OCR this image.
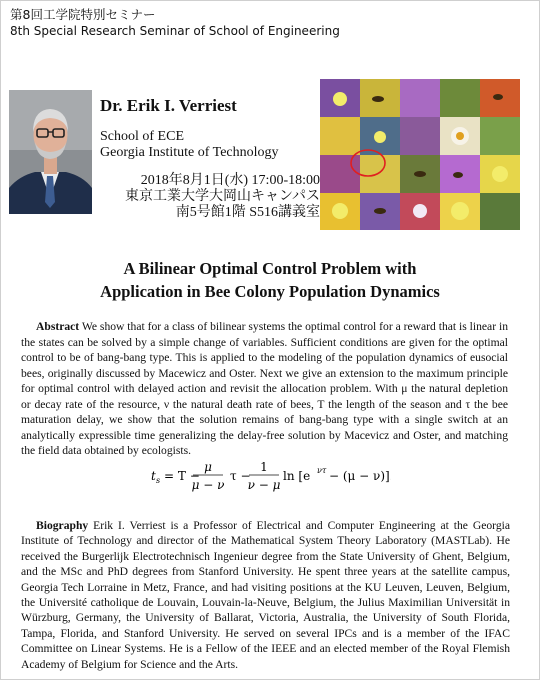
第8回工学院特別セミナー
8th Special Research Seminar of School of Engineering
Dr. Erik I. Verriest
School of ECE
Georgia Institute of Technology
2018年8月1日(水) 17:00-18:00
東京工業大学大岡山キャンパス
南5号館1階 S516講義室
A Bilinear Optimal Control Problem with
Application in Bee Colony Population Dynamics
Abstract We show that for a class of bilinear systems the optimal control for a reward that is linear in the states can be solved by a simple change of variables. Sufficient conditions are given for the optimal control to be of bang-bang type. This is applied to the modeling of the population dynamics of eusocial bees, originally discussed by Macewicz and Oster. Next we give an extension to the maximum principle for optimal control with delayed action and revisit the allocation problem. With μ the natural depletion or decay rate of the resource, ν the natural death rate of bees, T the length of the season and τ the bee maturation delay, we show that the solution remains of bang-bang type with a single switch at an analytically expressible time generalizing the delay-free solution by Macevicz and Oster, and matching the field data obtained by ecologists.
t s = T −
μ
μ − ν
τ −
1
ν − μ
ln [e ντ − (μ − ν)].
Biography Erik I. Verriest is a Professor of Electrical and Computer Engineering at the Georgia Institute of Technology and director of the Mathematical System Theory Laboratory (MASTLab). He received the Burgerlijk Electrotechnisch Ingenieur degree from the State University of Ghent, Belgium, and the MSc and PhD degrees from Stanford University. He spent three years at the satellite campus, Georgia Tech Lorraine in Metz, France, and had visiting positions at the KU Leuven, Leuven, Belgium, the Université catholique de Louvain, Louvain-la-Neuve, Belgium, the Julius Maximilian Universität in Würzburg, Germany, the University of Ballarat, Victoria, Australia, the University of South Florida, Tampa, Florida, and Stanford University. He served on several IPCs and is a member of the IFAC Committee on Linear Systems. He is a Fellow of the IEEE and an elected member of the Royal Flemish Academy of Belgium for Science and the Arts.
